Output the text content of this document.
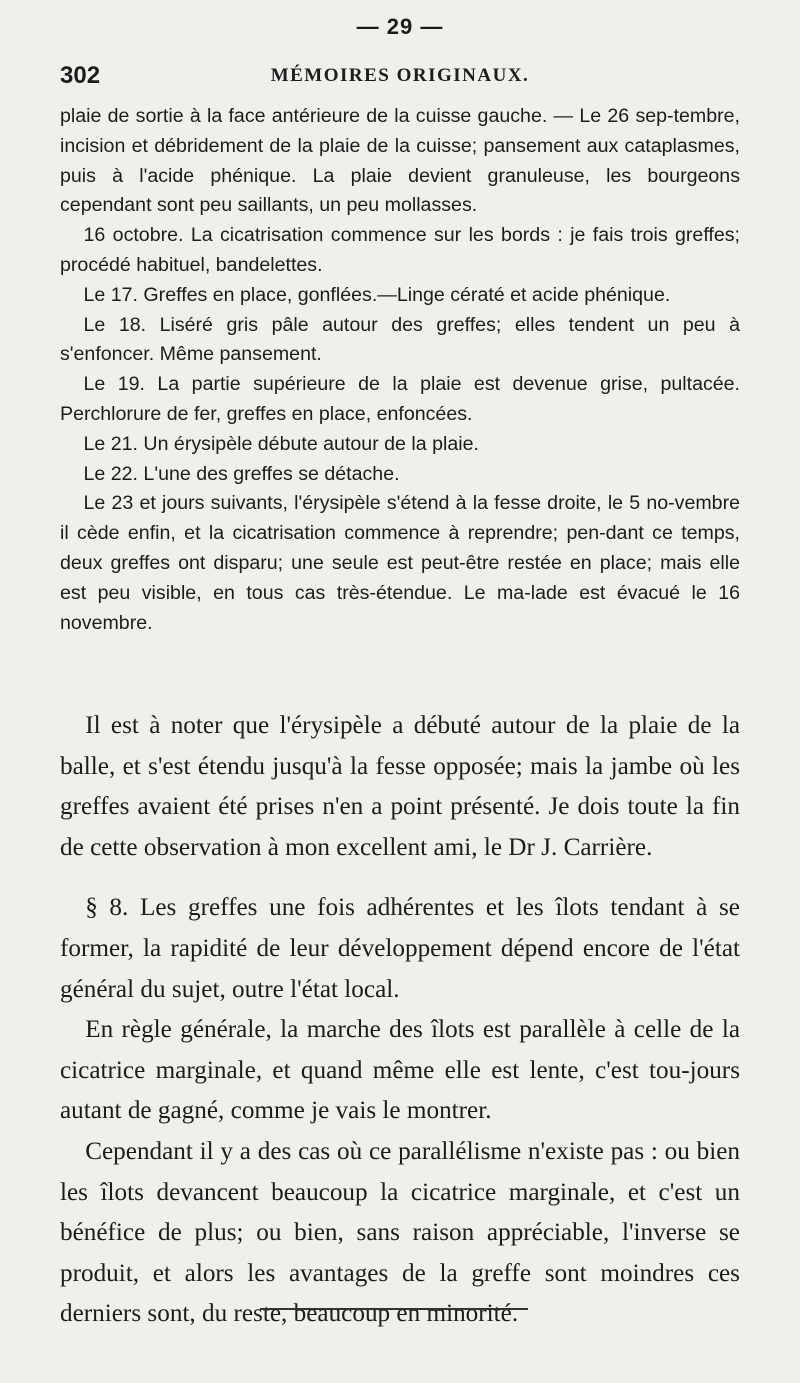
— 29 —
302	MÉMOIRES ORIGINAUX.

plaie de sortie à la face antérieure de la cuisse gauche. — Le 26 sep-tembre, incision et débridement de la plaie de la cuisse; pansement aux cataplasmes, puis à l'acide phénique. La plaie devient granuleuse, les bourgeons cependant sont peu saillants, un peu mollasses.

16 octobre. La cicatrisation commence sur les bords : je fais trois greffes; procédé habituel, bandelettes.

Le 17. Greffes en place, gonflées.—Linge cératé et acide phénique.

Le 18. Liséré gris pâle autour des greffes; elles tendent un peu à s'enfoncer. Même pansement.

Le 19. La partie supérieure de la plaie est devenue grise, pultacée. Perchlorure de fer, greffes en place, enfoncées.

Le 21. Un érysipèle débute autour de la plaie.

Le 22. L'une des greffes se détache.

Le 23 et jours suivants, l'érysipèle s'étend à la fesse droite, le 5 no-vembre il cède enfin, et la cicatrisation commence à reprendre; pen-dant ce temps, deux greffes ont disparu; une seule est peut-être restée en place; mais elle est peu visible, en tous cas très-étendue. Le ma-lade est évacué le 16 novembre.

Il est à noter que l'érysipèle a débuté autour de la plaie de la balle, et s'est étendu jusqu'à la fesse opposée; mais la jambe où les greffes avaient été prises n'en a point présenté. Je dois toute la fin de cette observation à mon excellent ami, le Dr J. Carrière.

§ 8. Les greffes une fois adhérentes et les îlots tendant à se former, la rapidité de leur développement dépend encore de l'état général du sujet, outre l'état local.

En règle générale, la marche des îlots est parallèle à celle de la cicatrice marginale, et quand même elle est lente, c'est tou-jours autant de gagné, comme je vais le montrer.

Cependant il y a des cas où ce parallélisme n'existe pas : ou bien les îlots devancent beaucoup la cicatrice marginale, et c'est un bénéfice de plus; ou bien, sans raison appréciable, l'inverse se produit, et alors les avantages de la greffe sont moindres ces derniers sont, du reste, beaucoup en minorité.
